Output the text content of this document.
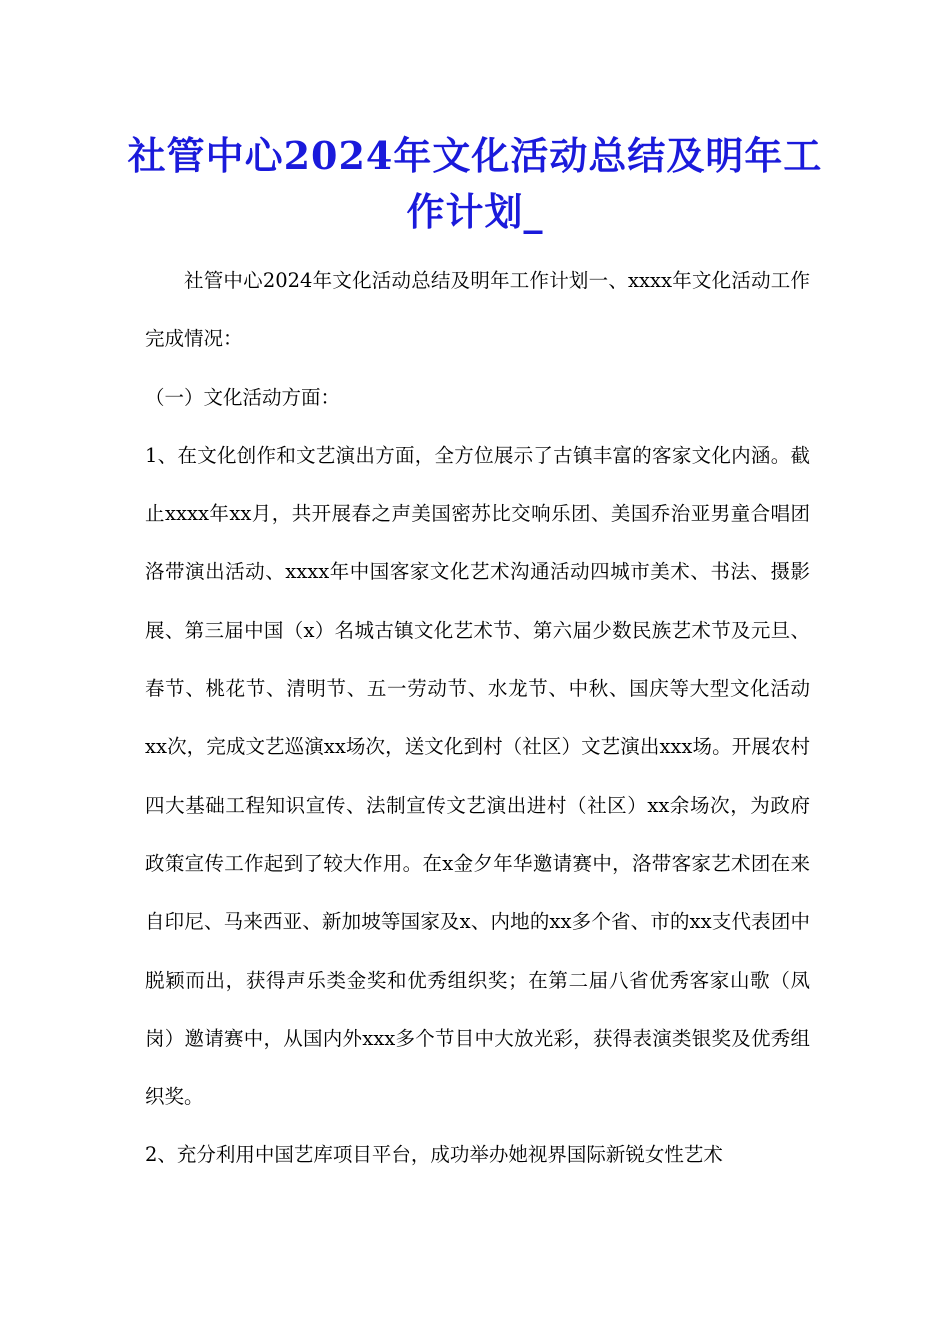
社管中心2024年文化活动总结及明年工作计划_

社管中心2024年文化活动总结及明年工作计划一、xxxx年文化活动工作完成情况：

（一）文化活动方面：

1、在文化创作和文艺演出方面，全方位展示了古镇丰富的客家文化内涵。截止xxxx年xx月，共开展春之声美国密苏比交响乐团、美国乔治亚男童合唱团洛带演出活动、xxxx年中国客家文化艺术沟通活动四城市美术、书法、摄影展、第三届中国（x）名城古镇文化艺术节、第六届少数民族艺术节及元旦、春节、桃花节、清明节、五一劳动节、水龙节、中秋、国庆等大型文化活动xx次，完成文艺巡演xx场次，送文化到村（社区）文艺演出xxx场。开展农村四大基础工程知识宣传、法制宣传文艺演出进村（社区）xx余场次，为政府政策宣传工作起到了较大作用。在x金夕年华邀请赛中，洛带客家艺术团在来自印尼、马来西亚、新加坡等国家及x、内地的xx多个省、市的xx支代表团中脱颖而出，获得声乐类金奖和优秀组织奖；在第二届八省优秀客家山歌（凤岗）邀请赛中，从国内外xxx多个节目中大放光彩，获得表演类银奖及优秀组织奖。

2、充分利用中国艺库项目平台，成功举办她视界国际新锐女性艺术
